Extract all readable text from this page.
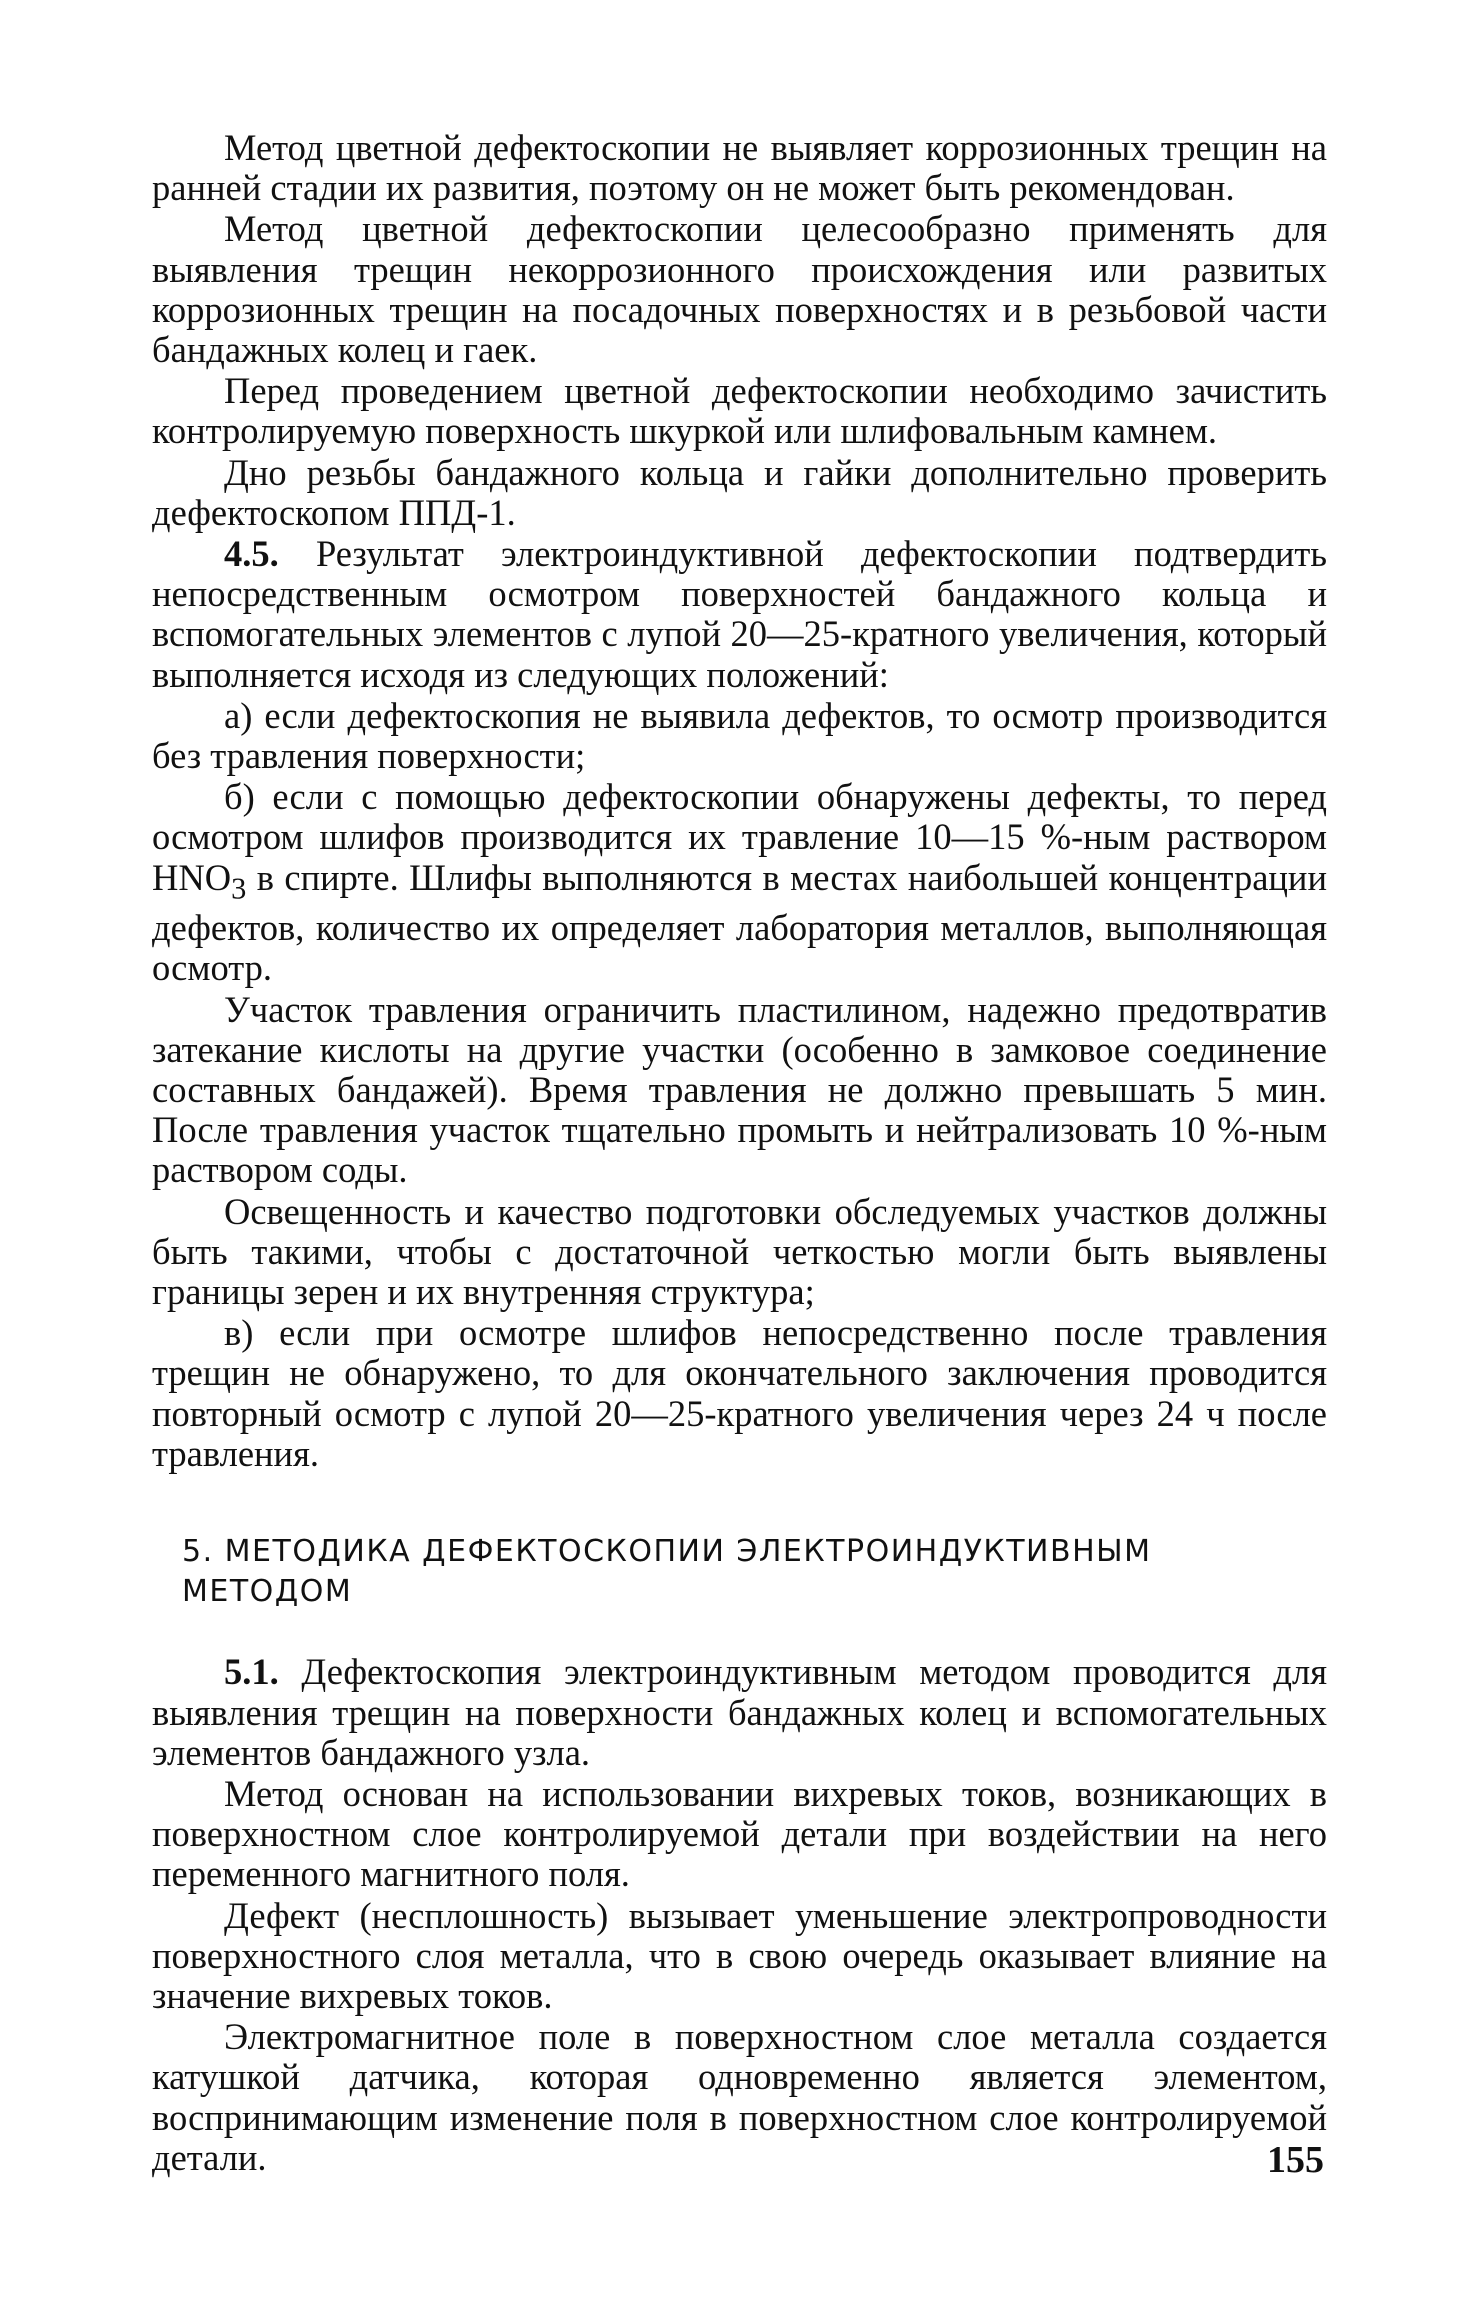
Метод цветной дефектоскопии не выявляет коррозионных трещин на ранней стадии их развития, поэтому он не может быть рекомендован.

Метод цветной дефектоскопии целесообразно применять для выявления трещин некоррозионного происхождения или развитых коррозионных трещин на посадочных поверхностях и в резьбовой части бандажных колец и гаек.

Перед проведением цветной дефектоскопии необходимо зачистить контролируемую поверхность шкуркой или шлифовальным камнем.

Дно резьбы бандажного кольца и гайки дополнительно проверить дефектоскопом ППД-1.

4.5. Результат электроиндуктивной дефектоскопии подтвердить непосредственным осмотром поверхностей бандажного кольца и вспомогательных элементов с лупой 20—25-кратного увеличения, который выполняется исходя из следующих положений:

а) если дефектоскопия не выявила дефектов, то осмотр производится без травления поверхности;

б) если с помощью дефектоскопии обнаружены дефекты, то перед осмотром шлифов производится их травление 10—15 %-ным раствором $HNO_3$ в спирте. Шлифы выполняются в местах наибольшей концентрации дефектов, количество их определяет лаборатория металлов, выполняющая осмотр.

Участок травления ограничить пластилином, надежно предотвратив затекание кислоты на другие участки (особенно в замковое соединение составных бандажей). Время травления не должно превышать 5 мин. После травления участок тщательно промыть и нейтрализовать 10 %-ным раствором соды.

Освещенность и качество подготовки обследуемых участков должны быть такими, чтобы с достаточной четкостью могли быть выявлены границы зерен и их внутренняя структура;

в) если при осмотре шлифов непосредственно после травления трещин не обнаружено, то для окончательного заключения проводится повторный осмотр с лупой 20—25-кратного увеличения через 24 ч после травления.

5. МЕТОДИКА ДЕФЕКТОСКОПИИ ЭЛЕКТРОИНДУКТИВНЫМ МЕТОДОМ

5.1. Дефектоскопия электроиндуктивным методом проводится для выявления трещин на поверхности бандажных колец и вспомогательных элементов бандажного узла.

Метод основан на использовании вихревых токов, возникающих в поверхностном слое контролируемой детали при воздействии на него переменного магнитного поля.

Дефект (несплошность) вызывает уменьшение электропроводности поверхностного слоя металла, что в свою очередь оказывает влияние на значение вихревых токов.

Электромагнитное поле в поверхностном слое металла создается катушкой датчика, которая одновременно является элементом, воспринимающим изменение поля в поверхностном слое контролируемой детали.	155
